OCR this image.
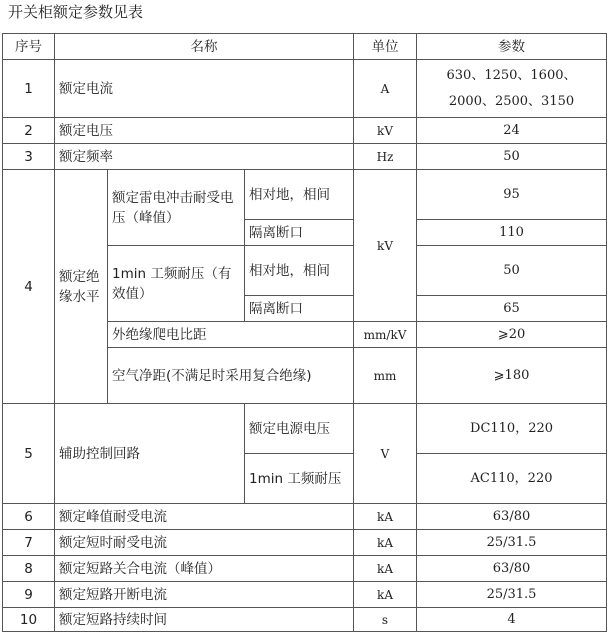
开关柜额定参数见表
序号	名称			单位	参数
1	额定电流			A	630、1250、1600、
2000、2500、3150

2	额定电压			kV	24
3	额定频率			Hz	50
4	额定绝缘水平	额定雷电冲击耐受电压（峰值）	相对地，相间	kV	95
			隔离断口		110
		1min 工频耐压（有效值）	相对地，相间		50
			隔离断口		65
		外绝缘爬电比距		mm/kV	⩾20
		空气净距(不满足时采用复合绝缘)		mm	⩾180
5	辅助控制回路		额定电源电压	V	DC110，220
			1min 工频耐压		AC110，220
6	额定峰值耐受电流			kA	63/80
7	额定短时耐受电流			kA	25/31.5
8	额定短路关合电流（峰值）			kA	63/80
9	额定短路开断电流			kA	25/31.5
10	额定短路持续时间			s	4
